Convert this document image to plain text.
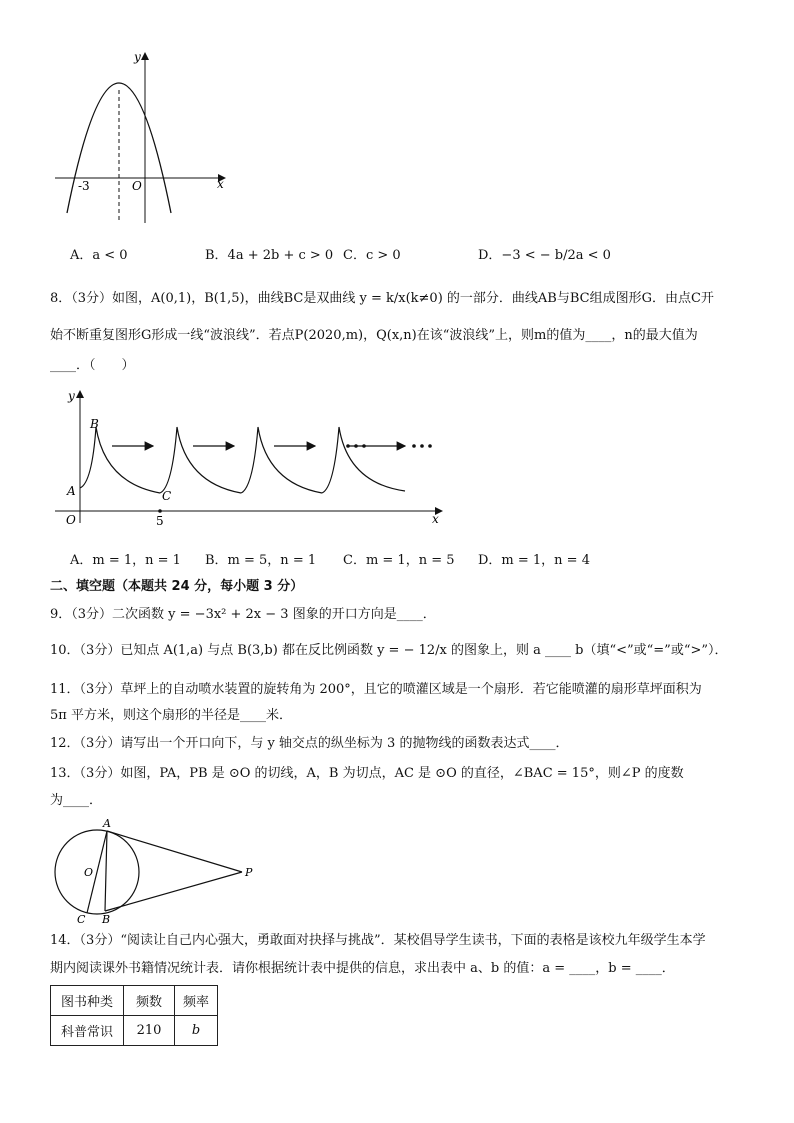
y
x
O
-3
A．a < 0	B．4a + 2b + c > 0 C．c > 0	D．−3 < − b/2a < 0
8．（3分）如图，A(0,1)，B(1,5)，曲线BC是双曲线 y = k/x(k≠0) 的一部分．曲线AB与BC组成图形G．由点C开
始不断重复图形G形成一线“波浪线”．若点P(2020,m)，Q(x,n)在该“波浪线”上，则m的值为____，n的最大值为
____．（　　）
y
x
O
A
B
C
5
A．m = 1，n = 1 B．m = 5，n = 1 C．m = 1，n = 5 D．m = 1，n = 4
二、填空题（本题共 24 分，每小题 3 分）
9．（3分）二次函数 y = −3x² + 2x − 3 图象的开口方向是____．
10．（3分）已知点 A(1,a) 与点 B(3,b) 都在反比例函数 y = − 12/x 的图象上，则 a ____ b（填“<”或“=”或“>”）．
11．（3分）草坪上的自动喷水装置的旋转角为 200°，且它的喷灌区域是一个扇形．若它能喷灌的扇形草坪面积为
5π 平方米，则这个扇形的半径是____米．
12．（3分）请写出一个开口向下，与 y 轴交点的纵坐标为 3 的抛物线的函数表达式____．
13．（3分）如图，PA，PB 是 ⊙O 的切线，A，B 为切点，AC 是 ⊙O 的直径，∠BAC = 15°，则∠P 的度数
为____．
A
O
C B
P
14．（3分）“阅读让自己内心强大，勇敢面对抉择与挑战”．某校倡导学生读书，下面的表格是该校九年级学生本学
期内阅读课外书籍情况统计表．请你根据统计表中提供的信息，求出表中 a、b 的值：a = ____，b = ____．
图书种类	频数	频率
科普常识	210	b
